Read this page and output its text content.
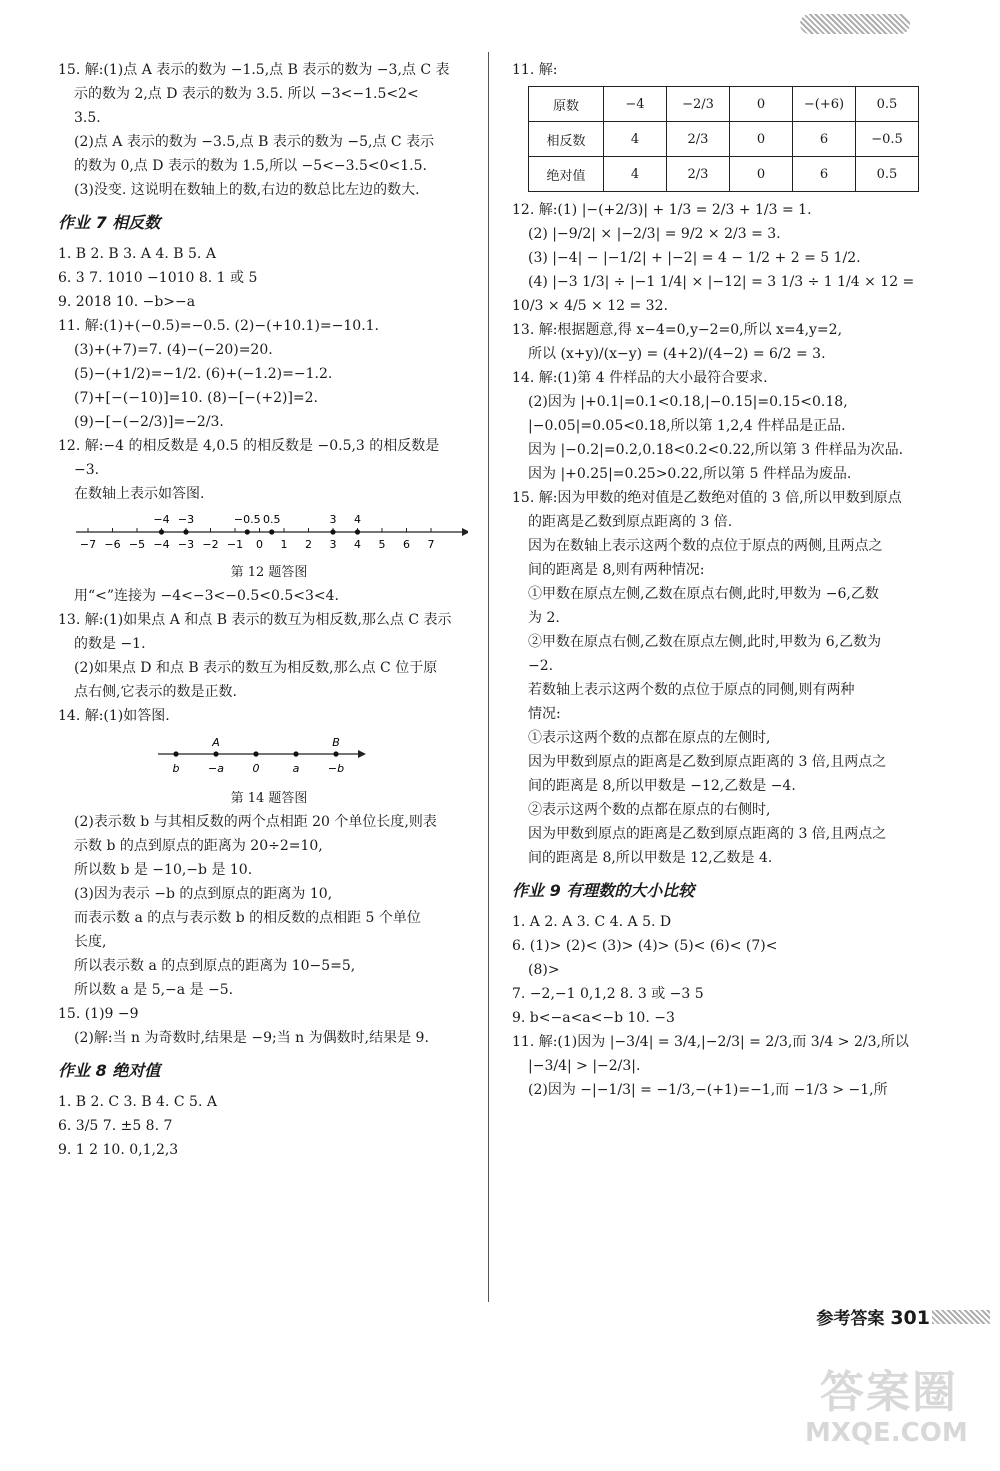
15. 解:(1)点 A 表示的数为 −1.5,点 B 表示的数为 −3,点 C 表
示的数为 2,点 D 表示的数为 3.5. 所以 −3<−1.5<2<
3.5.
(2)点 A 表示的数为 −3.5,点 B 表示的数为 −5,点 C 表示
的数为 0,点 D 表示的数为 1.5,所以 −5<−3.5<0<1.5.
(3)没变. 这说明在数轴上的数,右边的数总比左边的数大.
作业 7 相反数
1. B 2. B 3. A 4. B 5. A
6. 3 7. 1010 −1010 8. 1 或 5
9. 2018 10. −b>−a
11. 解:(1)+(−0.5)=−0.5. (2)−(+10.1)=−10.1.
(3)+(+7)=7. (4)−(−20)=20.
(5)−(+1/2)=−1/2. (6)+(−1.2)=−1.2.
(7)+[−(−10)]=10. (8)−[−(+2)]=2.
(9)−[−(−2/3)]=−2/3.
12. 解:−4 的相反数是 4,0.5 的相反数是 −0.5,3 的相反数是
−3.
在数轴上表示如答图.
−7 −6 −5 −4 −3 −2 −1 0 1 2 3 4 5 6 7
−4 −3	−0.5 0.5	3 4
第 12 题答图
用“<”连接为 −4<−3<−0.5<0.5<3<4.
13. 解:(1)如果点 A 和点 B 表示的数互为相反数,那么点 C 表示
的数是 −1.
(2)如果点 D 和点 B 表示的数互为相反数,那么点 C 位于原
点右侧,它表示的数是正数.
14. 解:(1)如答图.
b	−a	0	a	−b
A	B
第 14 题答图
(2)表示数 b 与其相反数的两个点相距 20 个单位长度,则表
示数 b 的点到原点的距离为 20÷2=10,
所以数 b 是 −10,−b 是 10.
(3)因为表示 −b 的点到原点的距离为 10,
而表示数 a 的点与表示数 b 的相反数的点相距 5 个单位
长度,
所以表示数 a 的点到原点的距离为 10−5=5,
所以数 a 是 5,−a 是 −5.
15. (1)9 −9
(2)解:当 n 为奇数时,结果是 −9;当 n 为偶数时,结果是 9.
作业 8 绝对值
1. B 2. C 3. B 4. C 5. A
6. 3/5 7. ±5 8. 7
9. 1 2 10. 0,1,2,3
11. 解:
原数	−4	−2/3	0	−(+6)	0.5
相反数	4	2/3	0	6	−0.5
绝对值	4	2/3	0	6	0.5
12. 解:(1) |−(+2/3)| + 1/3 = 2/3 + 1/3 = 1.
(2) |−9/2| × |−2/3| = 9/2 × 2/3 = 3.
(3) |−4| − |−1/2| + |−2| = 4 − 1/2 + 2 = 5 1/2.
(4) |−3 1/3| ÷ |−1 1/4| × |−12| = 3 1/3 ÷ 1 1/4 × 12 =
10/3 × 4/5 × 12 = 32.
13. 解:根据题意,得 x−4=0,y−2=0,所以 x=4,y=2,
所以 (x+y)/(x−y) = (4+2)/(4−2) = 6/2 = 3.
14. 解:(1)第 4 件样品的大小最符合要求.
(2)因为 |+0.1|=0.1<0.18,|−0.15|=0.15<0.18,
|−0.05|=0.05<0.18,所以第 1,2,4 件样品是正品.
因为 |−0.2|=0.2,0.18<0.2<0.22,所以第 3 件样品为次品.
因为 |+0.25|=0.25>0.22,所以第 5 件样品为废品.
15. 解:因为甲数的绝对值是乙数绝对值的 3 倍,所以甲数到原点
的距离是乙数到原点距离的 3 倍.
因为在数轴上表示这两个数的点位于原点的两侧,且两点之
间的距离是 8,则有两种情况:
①甲数在原点左侧,乙数在原点右侧,此时,甲数为 −6,乙数
为 2.
②甲数在原点右侧,乙数在原点左侧,此时,甲数为 6,乙数为
−2.
若数轴上表示这两个数的点位于原点的同侧,则有两种
情况:
①表示这两个数的点都在原点的左侧时,
因为甲数到原点的距离是乙数到原点距离的 3 倍,且两点之
间的距离是 8,所以甲数是 −12,乙数是 −4.
②表示这两个数的点都在原点的右侧时,
因为甲数到原点的距离是乙数到原点距离的 3 倍,且两点之
间的距离是 8,所以甲数是 12,乙数是 4.
作业 9 有理数的大小比较
1. A 2. A 3. C 4. A 5. D
6. (1)> (2)< (3)> (4)> (5)< (6)< (7)<
(8)>
7. −2,−1 0,1,2 8. 3 或 −3 5
9. b<−a<a<−b 10. −3
11. 解:(1)因为 |−3/4| = 3/4,|−2/3| = 2/3,而 3/4 > 2/3,所以
|−3/4| > |−2/3|.
(2)因为 −|−1/3| = −1/3,−(+1)=−1,而 −1/3 > −1,所
参考答案 301
答案圈
MXQE.COM
